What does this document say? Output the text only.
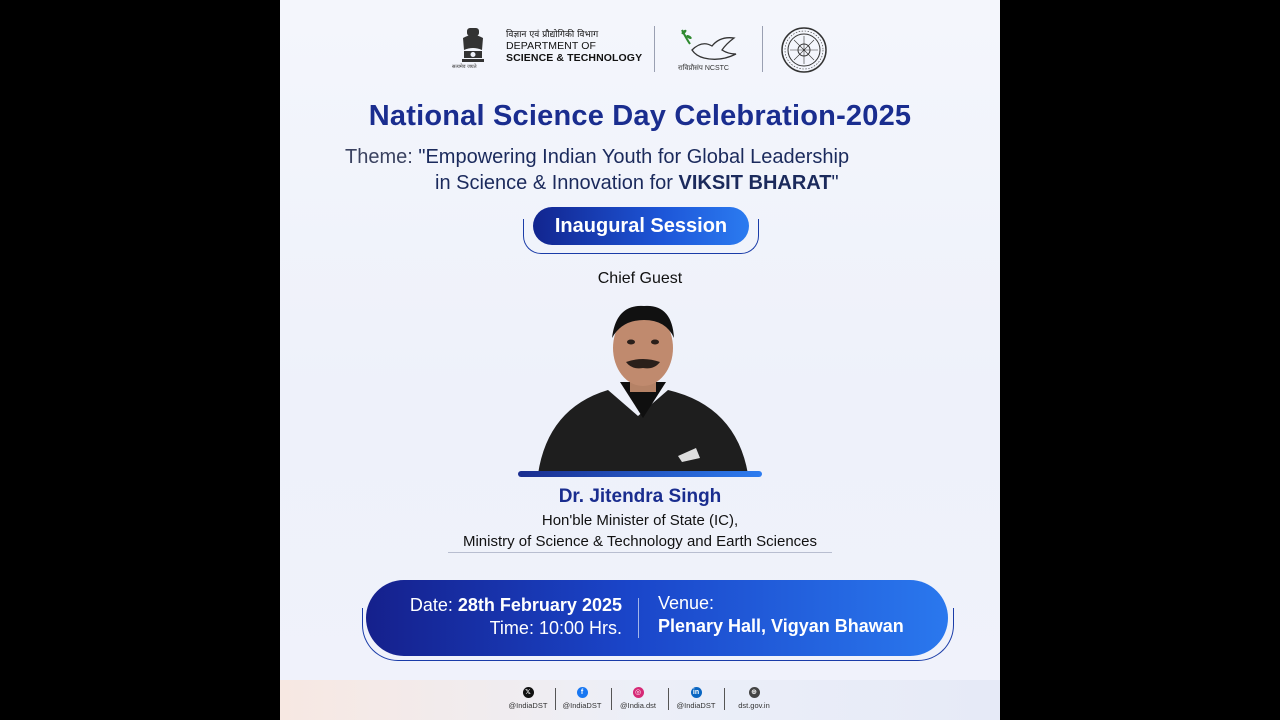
सत्यमेव जयते
विज्ञान एवं प्रौद्योगिकी विभाग
DEPARTMENT OF
SCIENCE & TECHNOLOGY
राविप्रौसंप NCSTC
National Science Day Celebration-2025
Theme: "Empowering Indian Youth for Global Leadership
in Science & Innovation for VIKSIT BHARAT"
Inaugural Session
Chief Guest
Dr. Jitendra Singh
Hon'ble Minister of State (IC),
Ministry of Science & Technology and Earth Sciences
Date: 28th February 2025
Time: 10:00 Hrs.
Venue:
Plenary Hall, Vigyan Bhawan
𝕏
@IndiaDST
f
@IndiaDST
◎
@India.dst
in
@IndiaDST
⊕
dst.gov.in
